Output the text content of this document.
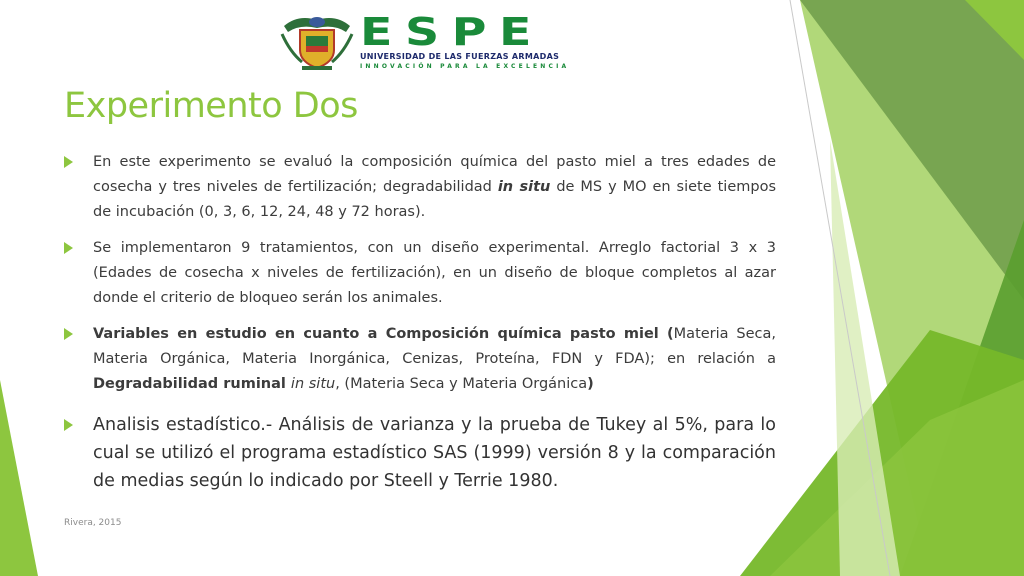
ESPE
UNIVERSIDAD DE LAS FUERZAS ARMADAS
INNOVACIÓN PARA LA EXCELENCIA
Experimento Dos
En este experimento se evaluó la composición química del pasto miel a tres edades de cosecha y tres niveles de fertilización; degradabilidad in situ de MS y MO en siete tiempos de incubación (0, 3, 6, 12, 24, 48 y 72 horas).
Se implementaron 9 tratamientos, con un diseño experimental. Arreglo factorial 3 x 3 (Edades de cosecha x niveles de fertilización), en un diseño de bloque completos al azar donde el criterio de bloqueo serán los animales.
Variables en estudio en cuanto a Composición química pasto miel (Materia Seca, Materia Orgánica, Materia Inorgánica, Cenizas, Proteína, FDN y FDA); en relación a Degradabilidad ruminal in situ, (Materia Seca y Materia Orgánica)
Analisis estadístico.- Análisis de varianza y la prueba de Tukey al 5%, para lo cual se utilizó el programa estadístico SAS (1999) versión 8 y la comparación de medias según lo indicado por Steell y Terrie 1980.
Rivera, 2015
